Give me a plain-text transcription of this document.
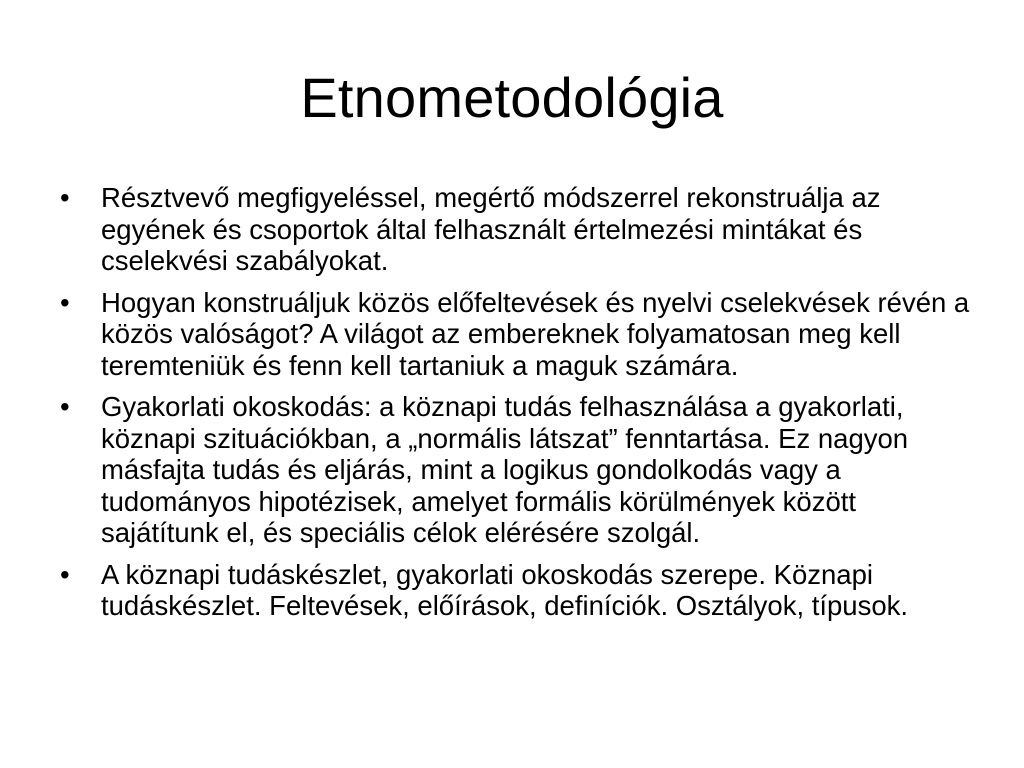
Etnometodológia
•	Résztvevő megfigyeléssel, megértő módszerrel rekonstruálja az egyének és csoportok által felhasznált értelmezési mintákat és cselekvési szabályokat.
•	Hogyan konstruáljuk közös előfeltevések és nyelvi cselekvések révén a közös valóságot? A világot az embereknek folyamatosan meg kell teremteniük és fenn kell tartaniuk a maguk számára.
•	Gyakorlati okoskodás: a köznapi tudás felhasználása a gyakorlati, köznapi szituációkban, a „normális látszat” fenntartása. Ez nagyon másfajta tudás és eljárás, mint a logikus gondolkodás vagy a tudományos hipotézisek, amelyet formális körülmények között sajátítunk el, és speciális célok elérésére szolgál.
•	A köznapi tudáskészlet, gyakorlati okoskodás szerepe. Köznapi tudáskészlet. Feltevések, előírások, definíciók. Osztályok, típusok.
